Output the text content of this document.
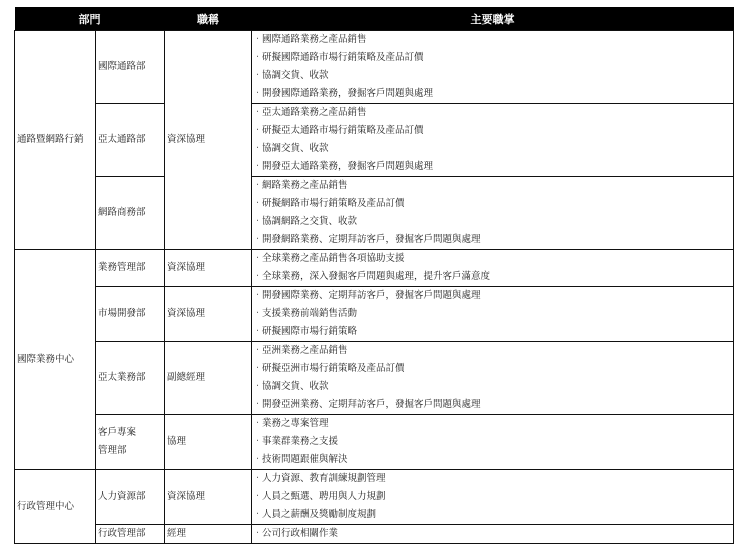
部門		職稱	主要職掌
通路暨網路行銷	國際通路部	資深協理	· 國際通路業務之產品銷售
· 研擬國際通路市場行銷策略及產品訂價
· 協調交貨、收款
· 開發國際通路業務，發掘客戶問題與處理

	亞太通路部		· 亞太通路業務之產品銷售
· 研擬亞太通路市場行銷策略及產品訂價
· 協調交貨、收款
· 開發亞太通路業務，發掘客戶問題與處理

	網路商務部		· 網路業務之產品銷售
· 研擬網路市場行銷策略及產品訂價
· 協調網路之交貨、收款
· 開發網路業務、定期拜訪客戶，發掘客戶問題與處理

國際業務中心	業務管理部	資深協理	· 全球業務之產品銷售各項協助支援
· 全球業務，深入發掘客戶問題與處理，提升客戶滿意度

	市場開發部	資深協理	· 開發國際業務、定期拜訪客戶，發掘客戶問題與處理
· 支援業務前端銷售活動
· 研擬國際市場行銷策略

	亞太業務部	副總經理	· 亞洲業務之產品銷售
· 研擬亞洲市場行銷策略及產品訂價
· 協調交貨、收款
· 開發亞洲業務、定期拜訪客戶，發掘客戶問題與處理

	客戶專案
管理部	協理	· 業務之專案管理
· 事業群業務之支援
· 技術問題跟催與解決

行政管理中心	人力資源部	資深協理	· 人力資源、教育訓練規劃管理
· 人員之甄選、聘用與人力規劃
· 人員之薪酬及獎勵制度規劃

	行政管理部	經理	· 公司行政相關作業
